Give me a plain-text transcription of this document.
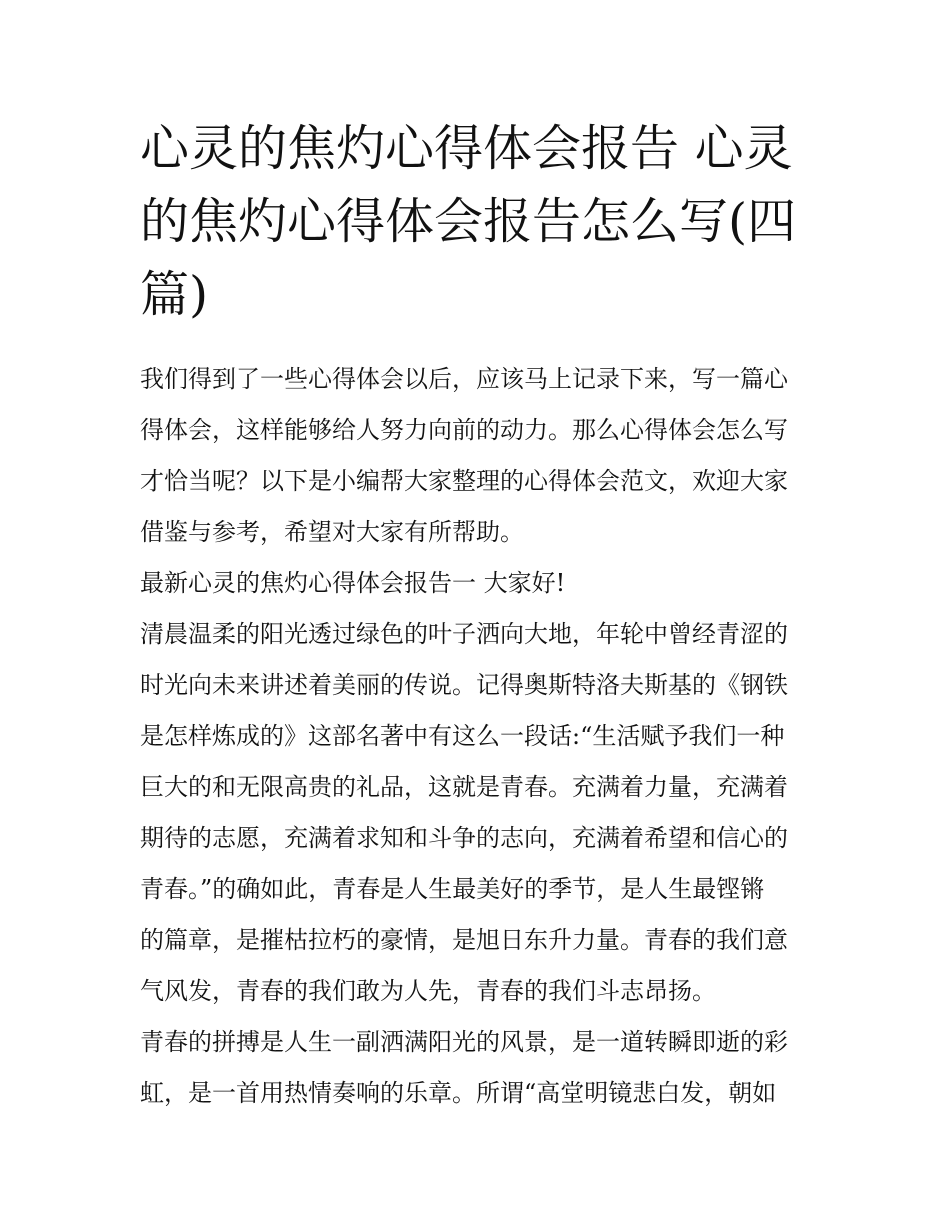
心灵的焦灼心得体会报告 心灵
的焦灼心得体会报告怎么写(四
篇)
我们得到了一些心得体会以后，应该马上记录下来，写一篇心
得体会，这样能够给人努力向前的动力。那么心得体会怎么写
才恰当呢？以下是小编帮大家整理的心得体会范文，欢迎大家
借鉴与参考，希望对大家有所帮助。
最新心灵的焦灼心得体会报告一 大家好!
清晨温柔的阳光透过绿色的叶子洒向大地，年轮中曾经青涩的
时光向未来讲述着美丽的传说。记得奥斯特洛夫斯基的《钢铁
是怎样炼成的》这部名著中有这么一段话:“生活赋予我们一种
巨大的和无限高贵的礼品，这就是青春。充满着力量，充满着
期待的志愿，充满着求知和斗争的志向，充满着希望和信心的
青春。”的确如此，青春是人生最美好的季节，是人生最铿锵
的篇章，是摧枯拉朽的豪情，是旭日东升力量。青春的我们意
气风发，青春的我们敢为人先，青春的我们斗志昂扬。
青春的拼搏是人生一副洒满阳光的风景，是一道转瞬即逝的彩
虹，是一首用热情奏响的乐章。所谓“高堂明镜悲白发，朝如
